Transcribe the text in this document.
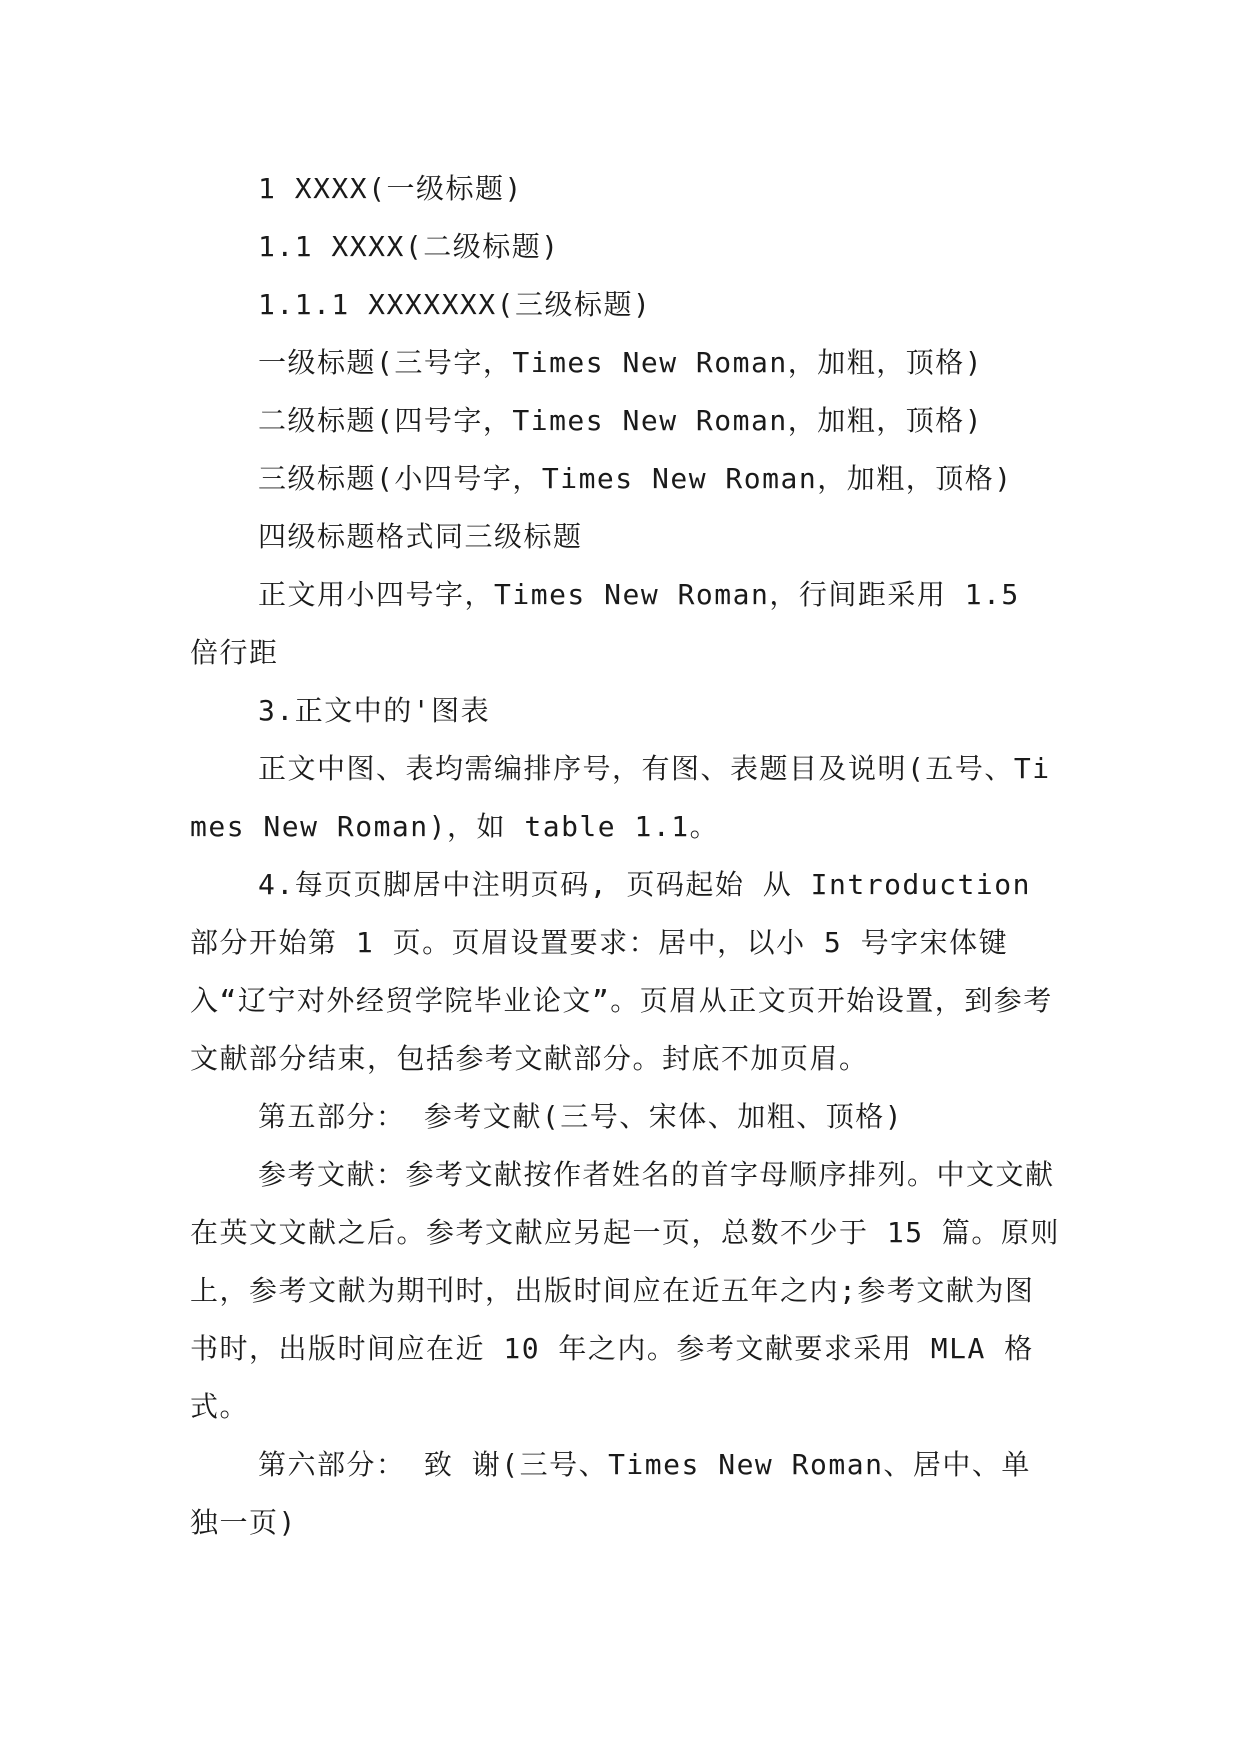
1 XXXX(一级标题)

1.1 XXXX(二级标题)

1.1.1 XXXXXXX(三级标题)

一级标题(三号字，Times New Roman，加粗，顶格)

二级标题(四号字，Times New Roman，加粗，顶格)

三级标题(小四号字，Times New Roman，加粗，顶格)

四级标题格式同三级标题

正文用小四号字，Times New Roman，行间距采用 1.5 倍行距

3.正文中的'图表

正文中图、表均需编排序号，有图、表题目及说明(五号、Times New Roman)，如 table 1.1。

4.每页页脚居中注明页码, 页码起始 从 Introduction 部分开始第 1 页。页眉设置要求：居中，以小 5 号字宋体键入“辽宁对外经贸学院毕业论文”。页眉从正文页开始设置，到参考文献部分结束，包括参考文献部分。封底不加页眉。

第五部分： 参考文献(三号、宋体、加粗、顶格)

参考文献：参考文献按作者姓名的首字母顺序排列。中文文献在英文文献之后。参考文献应另起一页，总数不少于 15 篇。原则上，参考文献为期刊时，出版时间应在近五年之内;参考文献为图书时，出版时间应在近 10 年之内。参考文献要求采用 MLA 格式。

第六部分： 致 谢(三号、Times New Roman、居中、单独一页)
